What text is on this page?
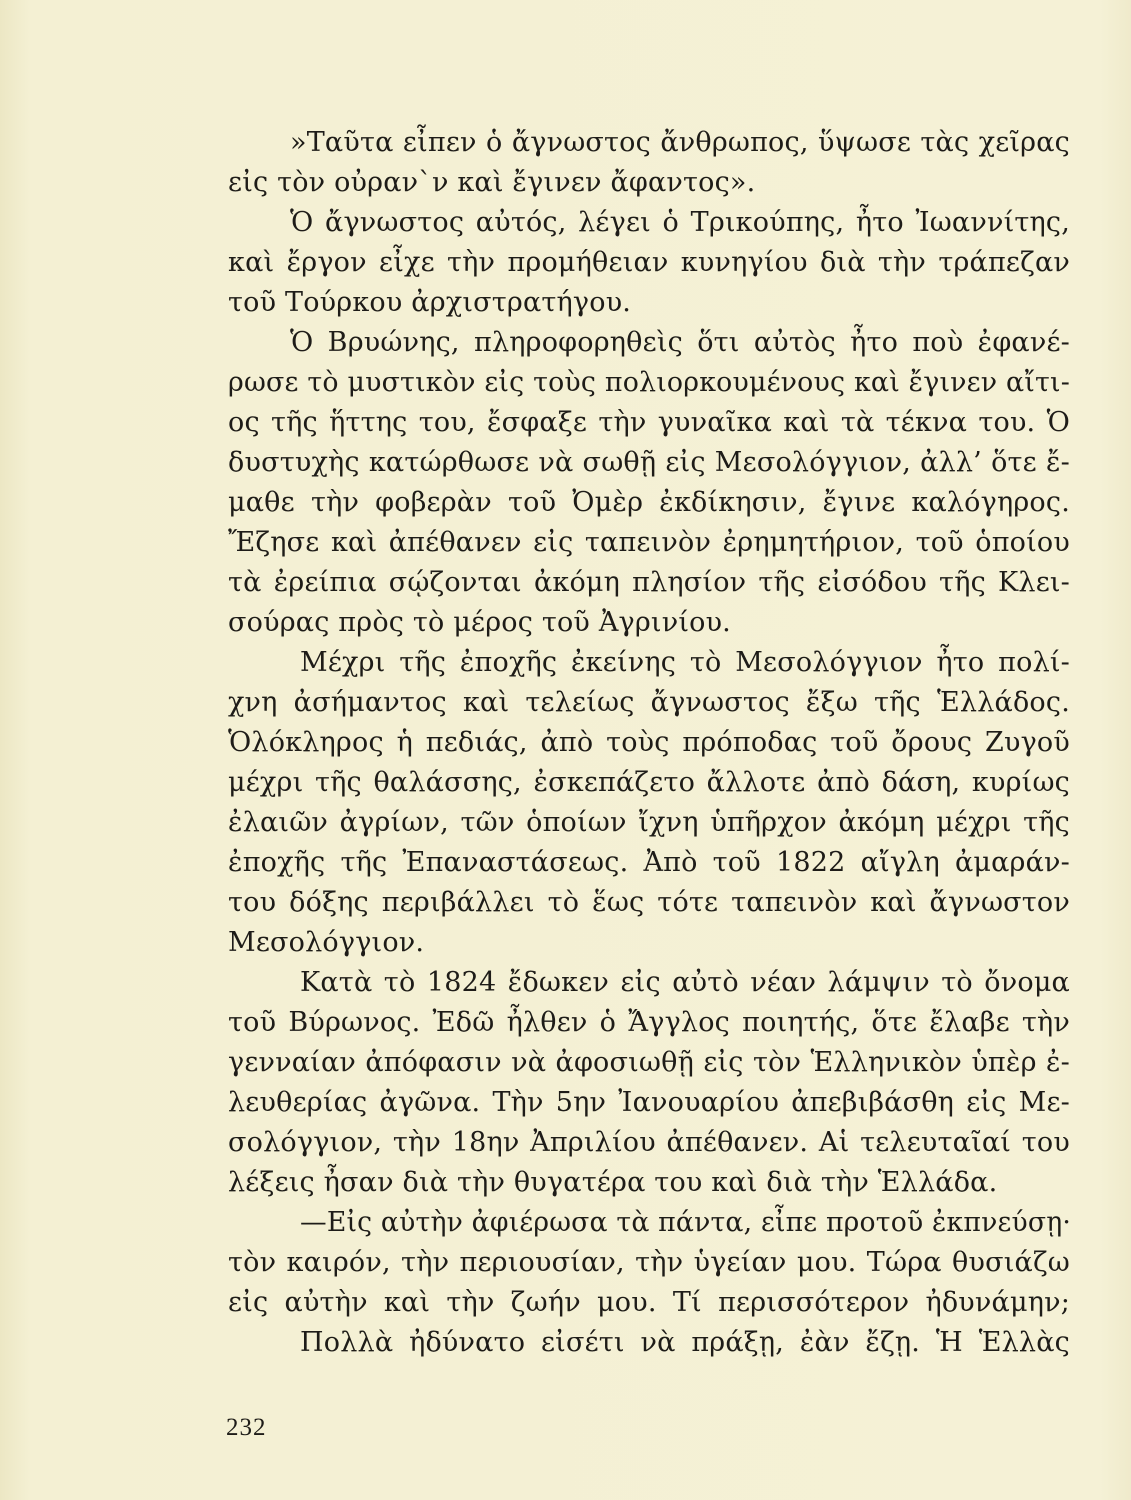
»Ταῦτα εἶπεν ὁ ἄγνωστος ἄνθρωπος, ὕψωσε τὰς χεῖρας
εἰς τὸν οὐραν`ν καὶ ἔγινεν ἄφαντος».
Ὁ ἄγνωστος αὐτός, λέγει ὁ Τρικούπης, ἦτο Ἰωαννίτης,
καὶ ἔργον εἶχε τὴν προμήθειαν κυνηγίου διὰ τὴν τράπεζαν
τοῦ Τούρκου ἀρχιστρατήγου.
Ὁ Βρυώνης, πληροφορηθεὶς ὅτι αὐτὸς ἦτο ποὺ ἐφανέ-
ρωσε τὸ μυστικὸν εἰς τοὺς πολιορκουμένους καὶ ἔγινεν αἴτι-
ος τῆς ἥττης του, ἔσφαξε τὴν γυναῖκα καὶ τὰ τέκνα του. Ὁ
δυστυχὴς κατώρθωσε νὰ σωθῇ εἰς Μεσολόγγιον, ἀλλ’ ὅτε ἔ-
μαθε τὴν φοβερὰν τοῦ Ὀμὲρ ἐκδίκησιν, ἔγινε καλόγηρος.
Ἔζησε καὶ ἀπέθανεν εἰς ταπεινὸν ἐρημητήριον, τοῦ ὁποίου
τὰ ἐρείπια σῴζονται ἀκόμη πλησίον τῆς εἰσόδου τῆς Κλει-
σούρας πρὸς τὸ μέρος τοῦ Ἀγρινίου.
Μέχρι τῆς ἐποχῆς ἐκείνης τὸ Μεσολόγγιον ἦτο πολί-
χνη ἀσήμαντος καὶ τελείως ἄγνωστος ἔξω τῆς Ἑλλάδος.
Ὁλόκληρος ἡ πεδιάς, ἀπὸ τοὺς πρόποδας τοῦ ὄρους Ζυγοῦ
μέχρι τῆς θαλάσσης, ἐσκεπάζετο ἄλλοτε ἀπὸ δάση, κυρίως
ἐλαιῶν ἀγρίων, τῶν ὁποίων ἴχνη ὑπῆρχον ἀκόμη μέχρι τῆς
ἐποχῆς τῆς Ἐπαναστάσεως. Ἀπὸ τοῦ 1822 αἴγλη ἀμαράν-
του δόξης περιβάλλει τὸ ἕως τότε ταπεινὸν καὶ ἄγνωστον
Μεσολόγγιον.
Κατὰ τὸ 1824 ἔδωκεν εἰς αὐτὸ νέαν λάμψιν τὸ ὄνομα
τοῦ Βύρωνος. Ἐδῶ ἦλθεν ὁ Ἄγγλος ποιητής, ὅτε ἔλαβε τὴν
γενναίαν ἀπόφασιν νὰ ἀφοσιωθῇ εἰς τὸν Ἑλληνικὸν ὑπὲρ ἐ-
λευθερίας ἀγῶνα. Τὴν 5ην Ἰανουαρίου ἀπεβιβάσθη εἰς Με-
σολόγγιον, τὴν 18ην Ἀπριλίου ἀπέθανεν. Αἱ τελευταῖαί του
λέξεις ἦσαν διὰ τὴν θυγατέρα του καὶ διὰ τὴν Ἑλλάδα.
—Εἰς αὐτὴν ἀφιέρωσα τὰ πάντα, εἶπε προτοῦ ἐκπνεύσῃ·
τὸν καιρόν, τὴν περιουσίαν, τὴν ὑγείαν μου. Τώρα θυσιάζω
εἰς αὐτὴν καὶ τὴν ζωήν μου. Τί περισσότερον ἠδυνάμην;
Πολλὰ ἠδύνατο εἰσέτι νὰ πράξῃ, ἐὰν ἔζῃ. Ἡ Ἑλλὰς
232
